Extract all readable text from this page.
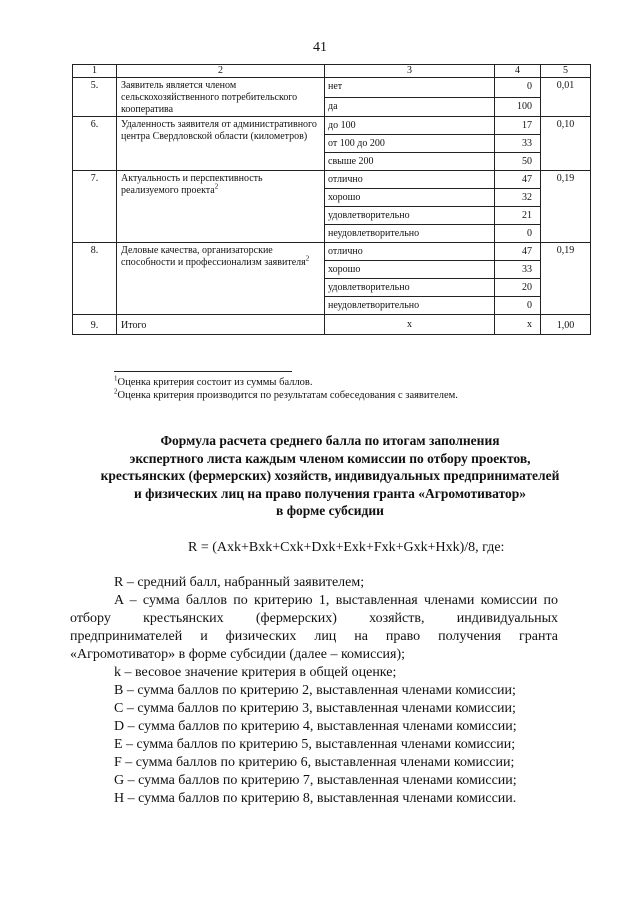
41
1	2	3	4	5
5.	Заявитель является членом сельскохозяйственного потребительского кооператива	нет	0	0,01
		да	100	
6.	Удаленность заявителя от административного центра Свердловской области (километров)	до 100	17	0,10
		от 100 до 200	33	
		свыше 200	50	
7.	Актуальность и перспективность реализуемого проекта$^2$	отлично	47	0,19
		хорошо	32	
		удовлетворительно	21	
		неудовлетворительно	0	
8.	Деловые качества, организаторские способности и профессионализм заявителя$^2$	отлично	47	0,19
		хорошо	33	
		удовлетворительно	20	
		неудовлетворительно	0	
9.	Итого	x	x	1,00
$^1$Оценка критерия состоит из суммы баллов.
$^2$Оценка критерия производится по результатам собеседования с заявителем.
Формула расчета среднего балла по итогам заполнения
экспертного листа каждым членом комиссии по отбору проектов,
крестьянских (фермерских) хозяйств, индивидуальных предпринимателей
и физических лиц на право получения гранта «Агромотиватор»
в форме субсидии
R = (Axk+Bxk+Cxk+Dxk+Exk+Fxk+Gxk+Hxk)/8, где:

R – средний балл, набранный заявителем;

A – сумма баллов по критерию 1, выставленная членами комиссии по отбору крестьянских (фермерских) хозяйств, индивидуальных предпринимателей и физических лиц на право получения гранта «Агромотиватор» в форме субсидии (далее – комиссия);

k – весовое значение критерия в общей оценке;

B – сумма баллов по критерию 2, выставленная членами комиссии;

C – сумма баллов по критерию 3, выставленная членами комиссии;

D – сумма баллов по критерию 4, выставленная членами комиссии;

E – сумма баллов по критерию 5, выставленная членами комиссии;

F – сумма баллов по критерию 6, выставленная членами комиссии;

G – сумма баллов по критерию 7, выставленная членами комиссии;

H – сумма баллов по критерию 8, выставленная членами комиссии.
